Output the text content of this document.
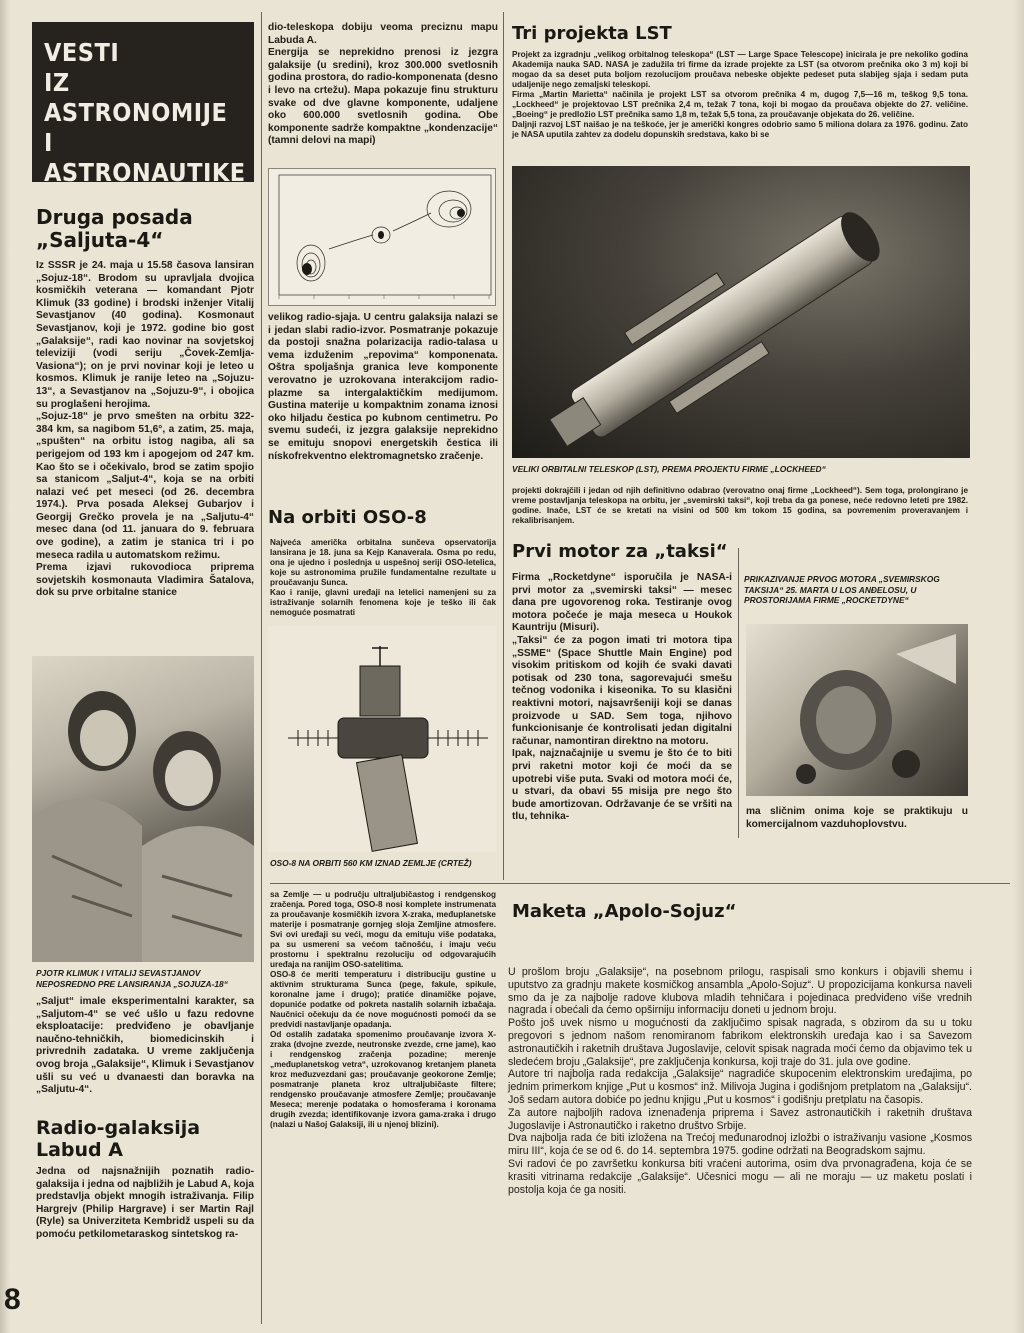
VESTI
IZ ASTRONOMIJE
I ASTRONAUTIKE
Druga posada
„Saljuta-4“
Iz SSSR je 24. maja u 15.58 časova lansiran „Sojuz-18“. Brodom su upravljala dvojica kosmičkih veterana — komandant Pjotr Klimuk (33 godine) i brodski inženjer Vitalij Sevastjanov (40 godina). Kosmonaut Sevastjanov, koji je 1972. godine bio gost „Galaksije“, radi kao novinar na sovjetskoj televiziji (vodi seriju „Čovek-Zemlja-Vasiona“); on je prvi novinar koji je leteo u kosmos. Klimuk je ranije leteo na „Sojuzu-13“, a Sevastjanov na „Sojuzu-9“, i obojica su proglašeni herojima.
„Sojuz-18“ je prvo smešten na orbitu 322-384 km, sa nagibom 51,6°, a zatim, 25. maja, „spušten“ na orbitu istog nagiba, ali sa perigejom od 193 km i apogejom od 247 km. Kao što se i očekivalo, brod se zatim spojio sa stanicom „Saljut-4“, koja se na orbiti nalazi već pet meseci (od 26. decembra 1974.). Prva posada Aleksej Gubarjov i Georgij Grečko provela je na „Saljutu-4“ mesec dana (od 11. januara do 9. februara ove godine), a zatim je stanica tri i po meseca radila u automatskom režimu.
Prema izjavi rukovodioca priprema sovjetskih kosmonauta Vladimira Šatalova, dok su prve orbitalne stanice
PJOTR KLIMUK I VITALIJ SEVASTJANOV NEPOSREDNO PRE LANSIRANJA „SOJUZA-18“
„Saljut“ imale eksperimentalni karakter, sa „Saljutom-4“ se već ušlo u fazu redovne eksploatacije: predviđeno je obavljanje naučno-tehničkih, biomedicinskih i privrednih zadataka. U vreme zaključenja ovog broja „Galaksije“, Klimuk i Sevastjanov ušli su već u dvanaesti dan boravka na „Saljutu-4“.
Radio-galaksija
Labud A
Jedna od najsnažnijih poznatih radio-galaksija i jedna od najbližih je Labud A, koja predstavlja objekt mnogih istraživanja. Filip Hargrejv (Philip Hargrave) i ser Martin Rajl (Ryle) sa Univerziteta Kembridž uspeli su da pomoću petkilometaraskog sintetskog ra-
8
dio-teleskopa dobiju veoma preciznu mapu Labuda A.
Energija se neprekidno prenosi iz jezgra galaksije (u sredini), kroz 300.000 svetlosnih godina prostora, do radio-komponenata (desno i levo na crtežu). Mapa pokazuje finu strukturu svake od dve glavne komponente, udaljene oko 600.000 svetlosnih godina. Obe komponente sadrže kompaktne „kondenzacije“ (tamni delovi na mapi)
velikog radio-sjaja. U centru galaksija nalazi se i jedan slabi radio-izvor. Posmatranje pokazuje da postoji snažna polarizacija radio-talasa u vema izduženim „repovima“ komponenata. Oštra spoljašnja granica leve komponente verovatno je uzrokovana interakcijom radio-plazme sa intergalaktičkim medijumom. Gustina materije u kompaktnim zonama iznosi oko hiljadu čestica po kubnom centimetru. Po svemu sudeći, iz jezgra galaksije neprekidno se emituju snopovi energetskih čestica ili nískofrekventno elektromagnetsko zračenje.
Na orbiti OSO-8
Najveća američka orbitalna sunčeva opservatorija lansirana je 18. juna sa Kejp Kanaverala. Osma po redu, ona je ujedno i poslednja u uspešnoj seriji OSO-letelica, koje su astronomima pružile fundamentalne rezultate u proučavanju Sunca.
Kao i ranije, glavni uređaji na letelici namenjeni su za istraživanje solarnih fenomena koje je teško ili čak nemoguće posmatrati
OSO-8 NA ORBITI 560 KM IZNAD ZEMLJE (CRTEŽ)
sa Zemlje — u području ultraljubičastog i rendgenskog zračenja. Pored toga, OSO-8 nosi komplete instrumenata za proučavanje kosmičkih izvora X-zraka, međuplanetske materije i posmatranje gornjeg sloja Zemljine atmosfere. Svi ovi uređaji su veći, mogu da emituju više podataka, pa su usmereni sa većom tačnošću, i imaju veću prostornu i spektralnu rezoluciju od odgovarajućih uređaja na ranijim OSO-satelitima.
OSO-8 će meriti temperaturu i distribuciju gustine u aktivnim strukturama Sunca (pege, fakule, spikule, koronalne jame i drugo); pratiće dinamičke pojave, dopuniće podatke od pokreta nastalih solarnih izbačaja. Naučnici očekuju da će nove mogućnosti pomoći da se predvidi nastavljanje opadanja.
Od ostalih zadataka spomenimo proučavanje izvora X-zraka (dvojne zvezde, neutronske zvezde, crne jame), kao i rendgenskog zračenja pozadine; merenje „međuplanetskog vetra“, uzrokovanog kretanjem planeta kroz međuzvezdani gas; proučavanje geokorone Zemlje; posmatranje planeta kroz ultraljubičaste filtere; rendgensko proučavanje atmosfere Zemlje; proučavanje Meseca; merenje podataka o homosferama i koronama drugih zvezda; identifikovanje izvora gama-zraka i drugo (nalazi u Našoj Galaksiji, ili u njenoj blizini).
Tri projekta LST
Projekt za izgradnju „velikog orbitalnog teleskopa“ (LST — Large Space Telescope) inicirala je pre nekoliko godina Akademija nauka SAD. NASA je zadužila tri firme da izrade projekte za LST (sa otvorom prečnika oko 3 m) koji bi mogao da sa deset puta boljom rezolucijom proučava nebeske objekte pedeset puta slabijeg sjaja i sedam puta udaljenije nego zemaljski teleskopi.
Firma „Martin Marietta“ načinila je projekt LST sa otvorom prečnika 4 m, dugog 7,5—16 m, teškog 9,5 tona. „Lockheed“ je projektovao LST prečnika 2,4 m, težak 7 tona, koji bi mogao da proučava objekte do 27. veličine. „Boeing“ je predložio LST prečnika samo 1,8 m, težak 5,5 tona, za proučavanje objekata do 26. veličine.
Daljnji razvoj LST naišao je na teškoće, jer je američki kongres odobrio samo 5 miliona dolara za 1976. godinu. Zato je NASA uputila zahtev za dodelu dopunskih sredstava, kako bi se
VELIKI ORBITALNI TELESKOP (LST), PREMA PROJEKTU FIRME „LOCKHEED“
projekti dokrajčili i jedan od njih definitivno odabrao (verovatno onaj firme „Lockheed“). Sem toga, prolongirano je vreme postavljanja teleskopa na orbitu, jer „svemirski taksi“, koji treba da ga ponese, neće redovno leteti pre 1982. godine. Inače, LST će se kretati na visini od 500 km tokom 15 godina, sa povremenim proveravanjem i rekalibrisanjem.
Prvi motor za „taksi“
Firma „Rocketdyne“ isporučila je NASA-i prvi motor za „svemirski taksi“ — mesec dana pre ugovorenog roka. Testiranje ovog motora počeće je maja meseca u Houkok Kauntriju (Misuri).
„Taksi“ će za pogon imati tri motora tipa „SSME“ (Space Shuttle Main Engine) pod visokim pritiskom od kojih će svaki davati potisak od 230 tona, sagorevajući smešu tečnog vodonika i kiseonika. To su klasični reaktivni motori, najsavršeniji koji se danas proizvode u SAD. Sem toga, njihovo funkcionisanje će kontrolisati jedan digitalni računar, namontiran direktno na motoru.
Ipak, najznačajnije u svemu je što će to biti prvi raketni motor koji će moći da se upotrebi više puta. Svaki od motora moći će, u stvari, da obavi 55 misija pre nego što bude amortizovan. Održavanje će se vršiti na tlu, tehnika-
PRIKAZIVANJE PRVOG MOTORA „SVEMIRSKOG TAKSIJA“ 25. MARTA U LOS ANĐELOSU, U PROSTORIJAMA FIRME „ROCKETDYNE“
ma sličnim onima koje se praktikuju u komercijalnom vazduhoplovstvu.
Maketa „Apolo-Sojuz“
U prošlom broju „Galaksije“, na posebnom prilogu, raspisali smo konkurs i objavili shemu i uputstvo za gradnju makete kosmičkog ansambla „Apolo-Sojuz“. U propozicijama konkursa naveli smo da je za najbolje radove klubova mladih tehničara i pojedinaca predviđeno više vrednih nagrada i obećali da ćemo opširniju informaciju doneti u jednom broju.
Pošto još uvek nismo u mogućnosti da zaključimo spisak nagrada, s obzirom da su u toku pregovori s jednom našom renomiranom fabrikom elektronskih uređaja kao i sa Savezom astronautičkih i raketnih društava Jugoslavije, celovit spisak nagrada moći ćemo da objavimo tek u sledećem broju „Galaksije“, pre zaključenja konkursa, koji traje do 31. jula ove godine.
Autore tri najbolja rada redakcija „Galaksije“ nagradiće skupocenim elektronskim uređajima, po jednim primerkom knjige „Put u kosmos“ inž. Milivoja Jugina i godišnjom pretplatom na „Galaksiju“. Još sedam autora dobiće po jednu knjigu „Put u kosmos“ i godišnju pretplatu na časopis.
Za autore najboljih radova iznenađenja priprema i Savez astronautičkih i raketnih društava Jugoslavije i Astronautičko i raketno društvo Srbije.
Dva najbolja rada će biti izložena na Trećoj međunarodnoj izložbi o istraživanju vasione „Kosmos miru III“, koja će se od 6. do 14. septembra 1975. godine održati na Beogradskom sajmu.
Svi radovi će po završetku konkursa biti vraćeni autorima, osim dva prvonagrađena, koja će se krasiti vitrinama redakcije „Galaksije“. Učesnici mogu — ali ne moraju — uz maketu poslati i postolja koja će ga nositi.
